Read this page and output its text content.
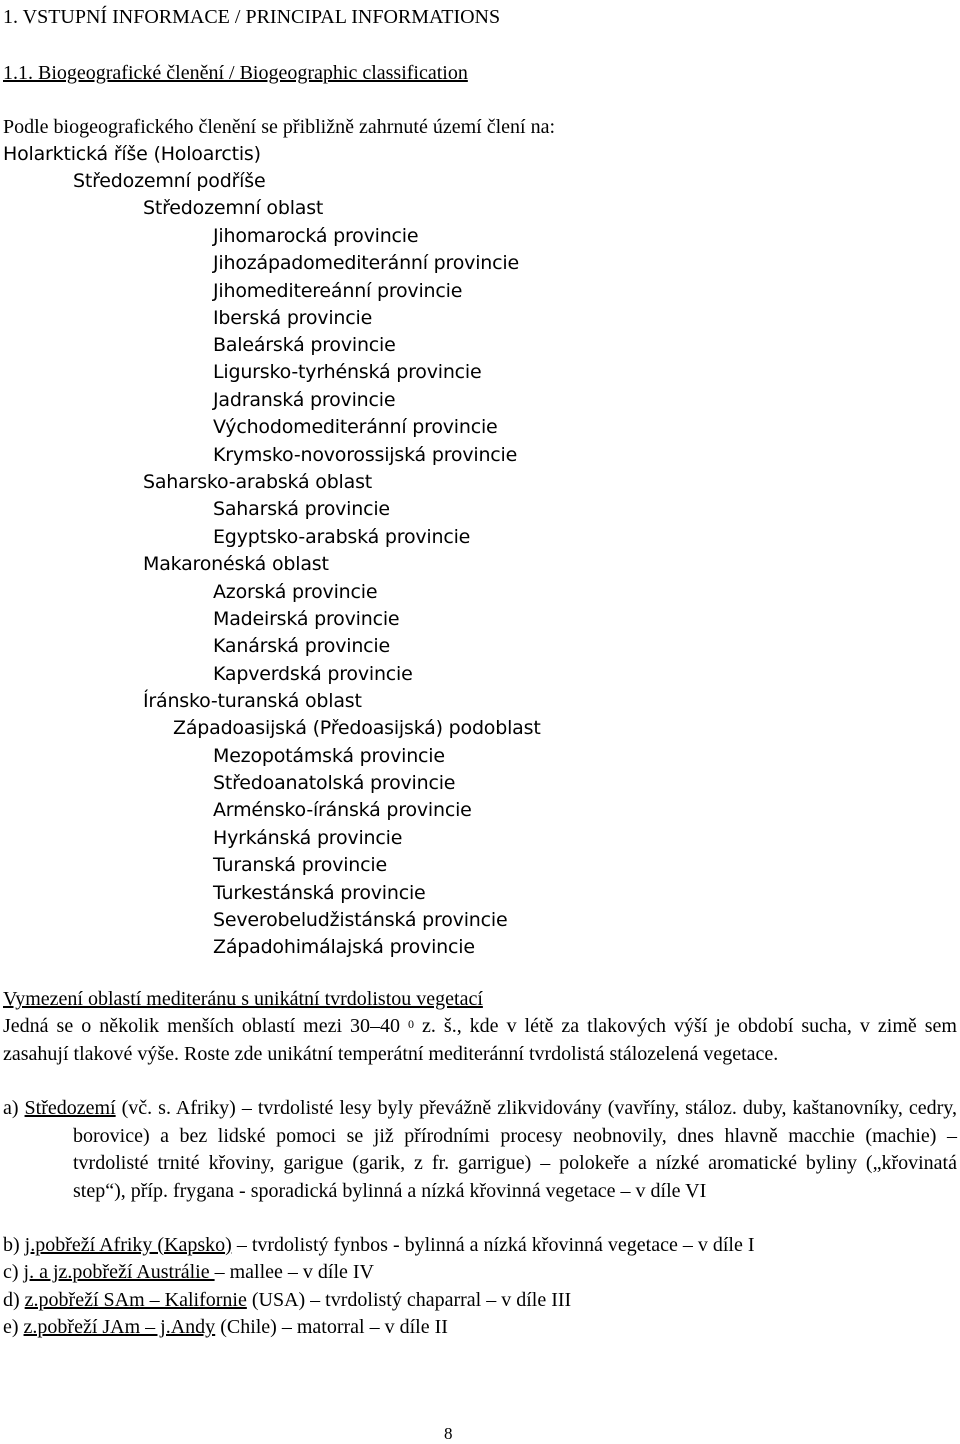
1. VSTUPNÍ INFORMACE / PRINCIPAL INFORMATIONS
1.1. Biogeografické členění / Biogeographic classification
Podle biogeografického členění se přibližně zahrnuté území člení na:
Holarktická říše (Holoarctis)
Středozemní podříše
Středozemní oblast
Jihomarocká provincie
Jihozápadomediteránní provincie
Jihomeditereánní provincie
Iberská provincie
Baleárská provincie
Ligursko-tyrhénská provincie
Jadranská provincie
Východomediteránní provincie
Krymsko-novorossijská provincie
Saharsko-arabská oblast
Saharská provincie
Egyptsko-arabská provincie
Makaronéská oblast
Azorská provincie
Madeirská provincie
Kanárská provincie
Kapverdská provincie
Íránsko-turanská oblast
Západoasijská (Předoasijská) podoblast
Mezopotámská provincie
Středoanatolská provincie
Arménsko-íránská provincie
Hyrkánská provincie
Turanská provincie
Turkestánská provincie
Severobeludžistánská provincie
Západohimálajská provincie
Vymezení oblastí mediteránu s unikátní tvrdolistou vegetací
Jedná se o několik menších oblastí mezi 30–40 $^0$ z. š., kde v létě za tlakových výší je období sucha, v zimě sem zasahují tlakové výše. Roste zde unikátní temperátní mediteránní tvrdolistá stálozelená vegetace.
a) Středozemí (vč. s. Afriky) – tvrdolisté lesy byly převážně zlikvidovány (vavříny, stáloz. duby, kaštanovníky, cedry, borovice) a bez lidské pomoci se již přírodními procesy neobnovily, dnes hlavně macchie (machie) – tvrdolisté trnité křoviny, garigue (garik, z fr. garrigue) – polokeře a nízké aromatické byliny („křovinatá step“), příp. frygana - sporadická bylinná a nízká křovinná vegetace – v díle VI
b) j.pobřeží Afriky (Kapsko) – tvrdolistý fynbos - bylinná a nízká křovinná vegetace – v díle I
c) j. a jz.pobřeží Austrálie – mallee – v díle IV
d) z.pobřeží SAm – Kalifornie (USA) – tvrdolistý chaparral – v díle III
e) z.pobřeží JAm – j.Andy (Chile) – matorral – v díle II
8
